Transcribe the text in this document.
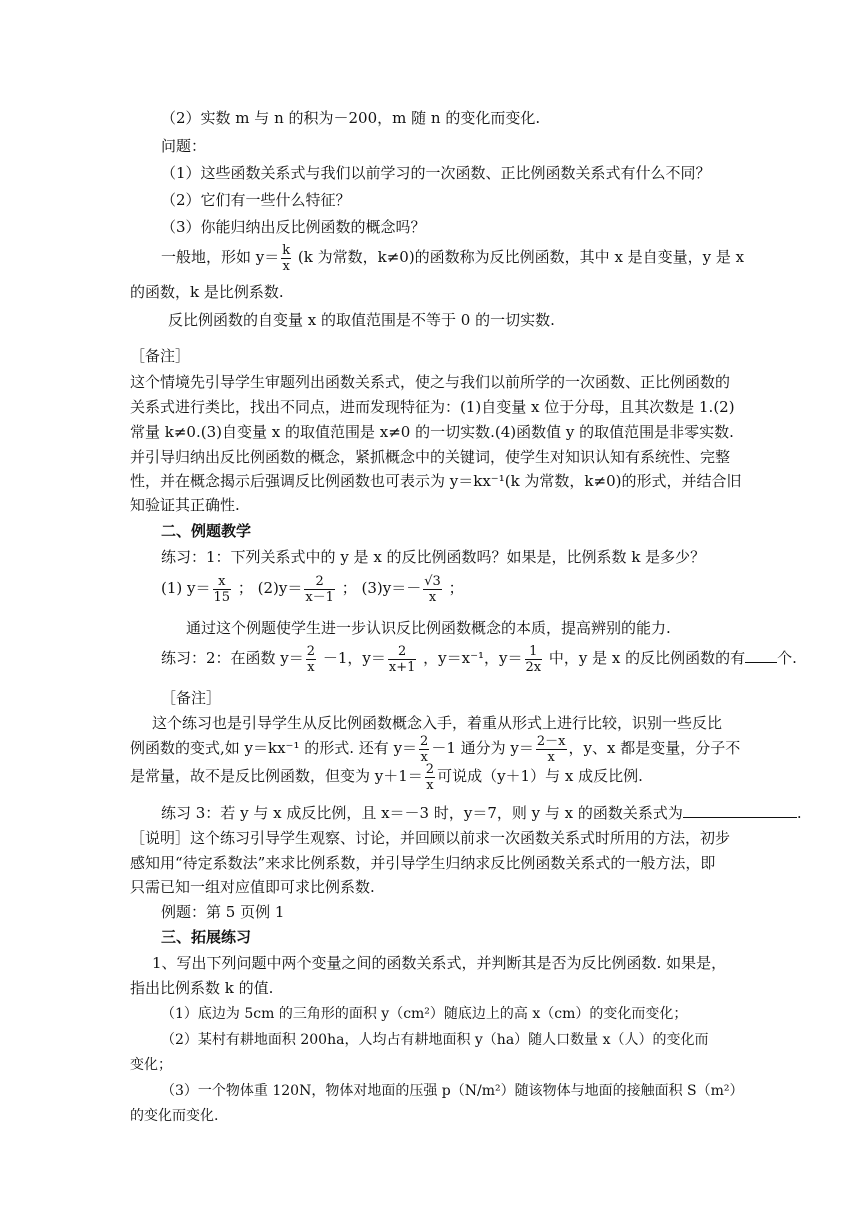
（2）实数 m 与 n 的积为－200，m 随 n 的变化而变化.
问题：
（1）这些函数关系式与我们以前学习的一次函数、正比例函数关系式有什么不同？
（2）它们有一些什么特征？
（3）你能归纳出反比例函数的概念吗？
一般地，形如 $y= \frac{k}{x} (k$ 为常数，k≠0)的函数称为反比例函数，其中 x 是自变量，y 是 x
的函数，k 是比例系数.
反比例函数的自变量 x 的取值范围是不等于 0 的一切实数.
［备注］
这个情境先引导学生审题列出函数关系式，使之与我们以前所学的一次函数、正比例函数的
关系式进行类比，找出不同点，进而发现特征为：(1)自变量 x 位于分母，且其次数是 1.(2)
常量 k≠0.(3)自变量 x 的取值范围是 x≠0 的一切实数.(4)函数值 y 的取值范围是非零实数.
并引导归纳出反比例函数的概念，紧抓概念中的关键词，使学生对知识认知有系统性、完整
性，并在概念揭示后强调反比例函数也可表示为 y＝kx⁻¹(k 为常数，k≠0)的形式，并结合旧
知验证其正确性.
二、例题教学
练习：1：下列关系式中的 y 是 x 的反比例函数吗？如果是，比例系数 k 是多少？
(1) $y= \frac{x}{15}$ ； $(2)y= \frac{2}{x-1}$ ； $(3)y=- \frac{√3}{x}$ ；
通过这个例题使学生进一步认识反比例函数概念的本质，提高辨别的能力.
练习：2：在函数 $y= \frac{2}{x} -1$，$y= \frac{2}{x+1}$ ，y＝x⁻¹，$y= \frac{1}{2x}$ 中，y 是 x 的反比例函数的有 个.
［备注］
这个练习也是引导学生从反比例函数概念入手，着重从形式上进行比较，识别一些反比
例函数的变式,如 y＝kx⁻¹ 的形式. 还有 $y= \frac{2}{x} -1$ 通分为 $y= \frac{2-x}{x}$ ，y、x 都是变量，分子不
是常量，故不是反比例函数，但变为 $y+1= \frac{2}{x}$ 可说成（y＋1）与 x 成反比例.
练习 3：若 y 与 x 成反比例，且 x＝－3 时，y＝7，则 y 与 x 的函数关系式为	.
［说明］这个练习引导学生观察、讨论，并回顾以前求一次函数关系式时所用的方法，初步
感知用“待定系数法”来求比例系数，并引导学生归纳求反比例函数关系式的一般方法，即
只需已知一组对应值即可求比例系数.
例题：第 5 页例 1
三、拓展练习
1、写出下列问题中两个变量之间的函数关系式，并判断其是否为反比例函数. 如果是，
指出比例系数 k 的值.
（1）底边为 5cm 的三角形的面积 y（cm²）随底边上的高 x（cm）的变化而变化；
（2）某村有耕地面积 200ha，人均占有耕地面积 y（ha）随人口数量 x（人）的变化而
变化；
（3）一个物体重 120N，物体对地面的压强 p（N/m²）随该物体与地面的接触面积 S（m²）
的变化而变化.
